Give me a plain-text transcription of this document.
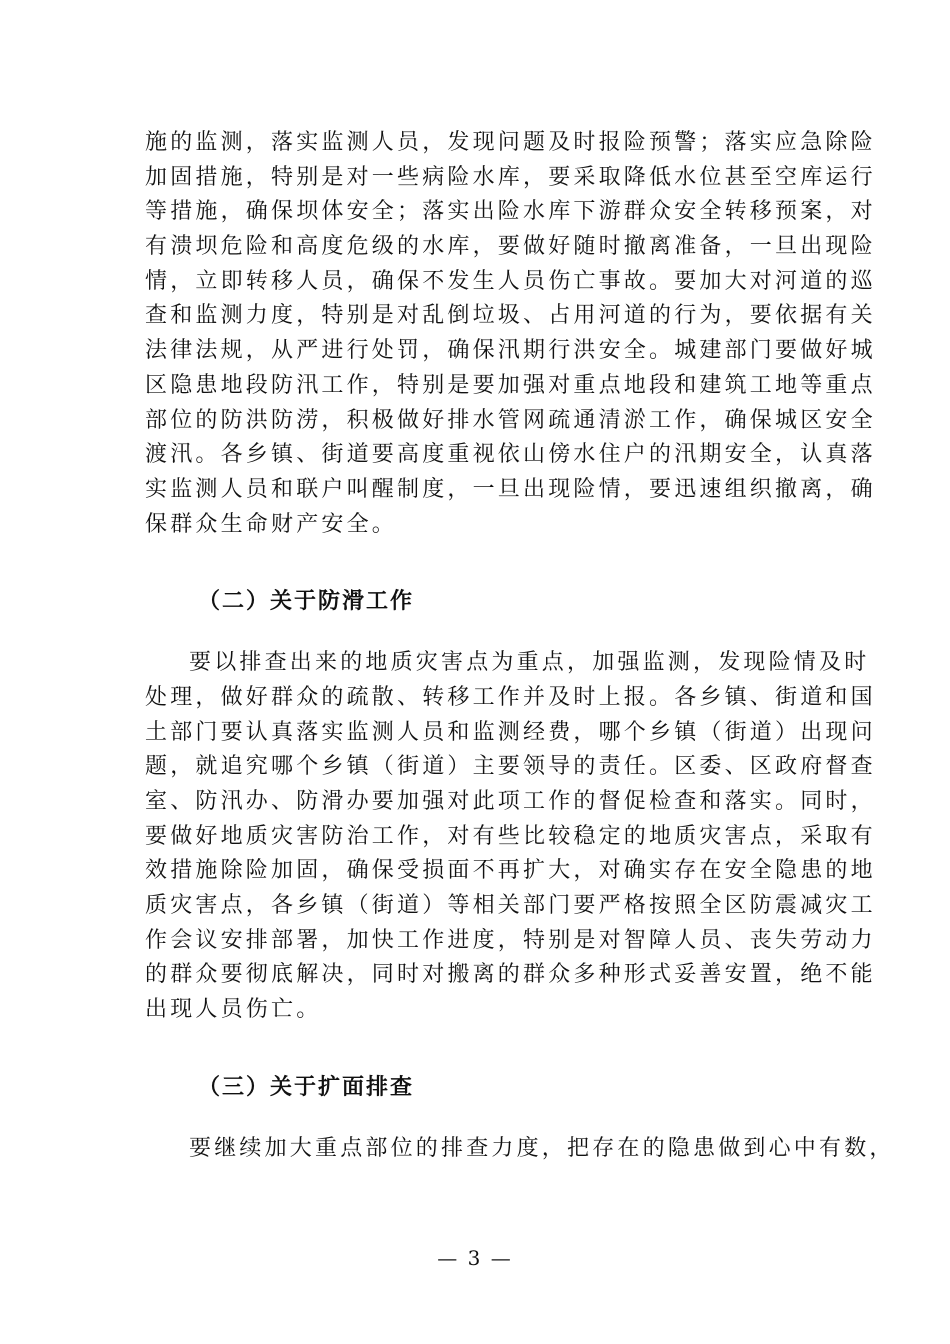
施的监测，落实监测人员，发现问题及时报险预警；落实应急除险
加固措施，特别是对一些病险水库，要采取降低水位甚至空库运行
等措施，确保坝体安全；落实出险水库下游群众安全转移预案，对
有溃坝危险和高度危级的水库，要做好随时撤离准备，一旦出现险
情，立即转移人员，确保不发生人员伤亡事故。要加大对河道的巡
查和监测力度，特别是对乱倒垃圾、占用河道的行为，要依据有关
法律法规，从严进行处罚，确保汛期行洪安全。城建部门要做好城
区隐患地段防汛工作，特别是要加强对重点地段和建筑工地等重点
部位的防洪防涝，积极做好排水管网疏通清淤工作，确保城区安全
渡汛。各乡镇、街道要高度重视依山傍水住户的汛期安全，认真落
实监测人员和联户叫醒制度，一旦出现险情，要迅速组织撤离，确
保群众生命财产安全。
（二）关于防滑工作
要以排查出来的地质灾害点为重点，加强监测，发现险情及时
处理，做好群众的疏散、转移工作并及时上报。各乡镇、街道和国
土部门要认真落实监测人员和监测经费，哪个乡镇（街道）出现问
题，就追究哪个乡镇（街道）主要领导的责任。区委、区政府督查
室、防汛办、防滑办要加强对此项工作的督促检查和落实。同时，
要做好地质灾害防治工作，对有些比较稳定的地质灾害点，采取有
效措施除险加固，确保受损面不再扩大，对确实存在安全隐患的地
质灾害点，各乡镇（街道）等相关部门要严格按照全区防震减灾工
作会议安排部署，加快工作进度，特别是对智障人员、丧失劳动力
的群众要彻底解决，同时对搬离的群众多种形式妥善安置，绝不能
出现人员伤亡。
（三）关于扩面排查
要继续加大重点部位的排查力度，把存在的隐患做到心中有数，
— 3 —
